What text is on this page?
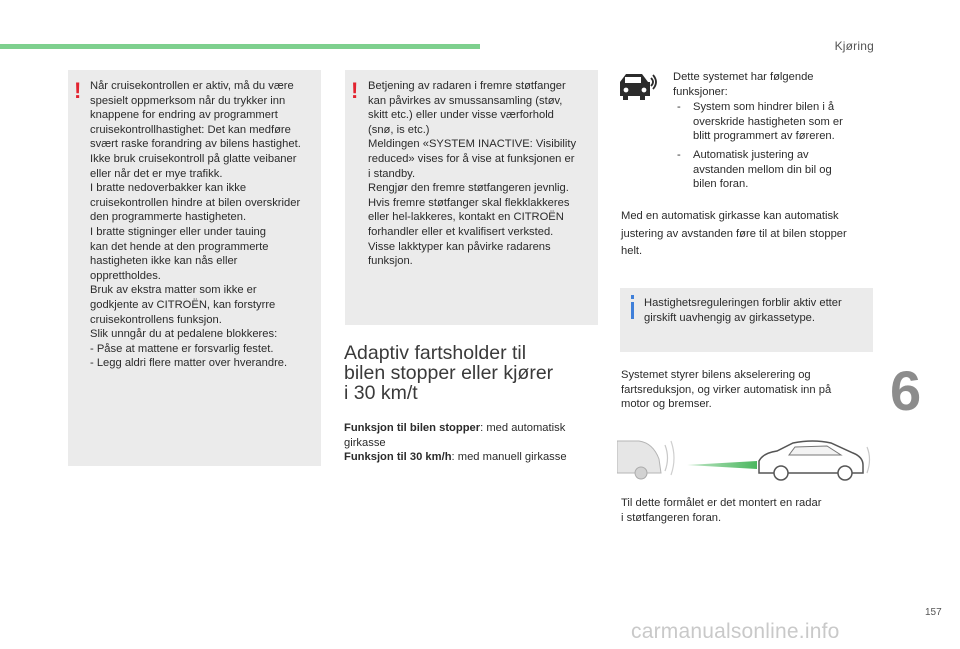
Kjøring
! Når cruisekontrollen er aktiv, må du være
spesielt oppmerksom når du trykker inn
knappene for endring av programmert
cruisekontrollhastighet: Det kan medføre
svært raske forandring av bilens hastighet.
Ikke bruk cruisekontroll på glatte veibaner
eller når det er mye trafikk.
I bratte nedoverbakker kan ikke
cruisekontrollen hindre at bilen overskrider
den programmerte hastigheten.
I bratte stigninger eller under tauing
kan det hende at den programmerte
hastigheten ikke kan nås eller
opprettholdes.
Bruk av ekstra matter som ikke er
godkjente av CITROËN, kan forstyrre
cruisekontrollens funksjon.
Slik unngår du at pedalene blokkeres:
- Påse at mattene er forsvarlig festet.
- Legg aldri flere matter over hverandre.
! Betjening av radaren i fremre støtfanger
kan påvirkes av smussansamling (støv,
skitt etc.) eller under visse værforhold
(snø, is etc.)
Meldingen «SYSTEM INACTIVE: Visibility
reduced» vises for å vise at funksjonen er
i standby.
Rengjør den fremre støtfangeren jevnlig.
Hvis fremre støtfanger skal flekklakkeres
eller hel-lakkeres, kontakt en CITROËN
forhandler eller et kvalifisert verksted.
Visse lakktyper kan påvirke radarens
funksjon.
Adaptiv fartsholder til
bilen stopper eller kjører
i 30 km/t
Funksjon til bilen stopper: med automatisk
girkasse
Funksjon til 30 km/h: med manuell girkasse
Dette systemet har følgende
funksjoner:
- System som hindrer bilen i å
overskride hastigheten som er
blitt programmert av føreren.
- Automatisk justering av
avstanden mellom din bil og
bilen foran.
Med en automatisk girkasse kan automatisk
justering av avstanden føre til at bilen stopper
helt.
Hastighetsreguleringen forblir aktiv etter
girskift uavhengig av girkassetype.
Systemet styrer bilens akselerering og
fartsreduksjon, og virker automatisk inn på
motor og bremser.
Til dette formålet er det montert en radar
i støtfangeren foran.
6
157
carmanualsonline.info
